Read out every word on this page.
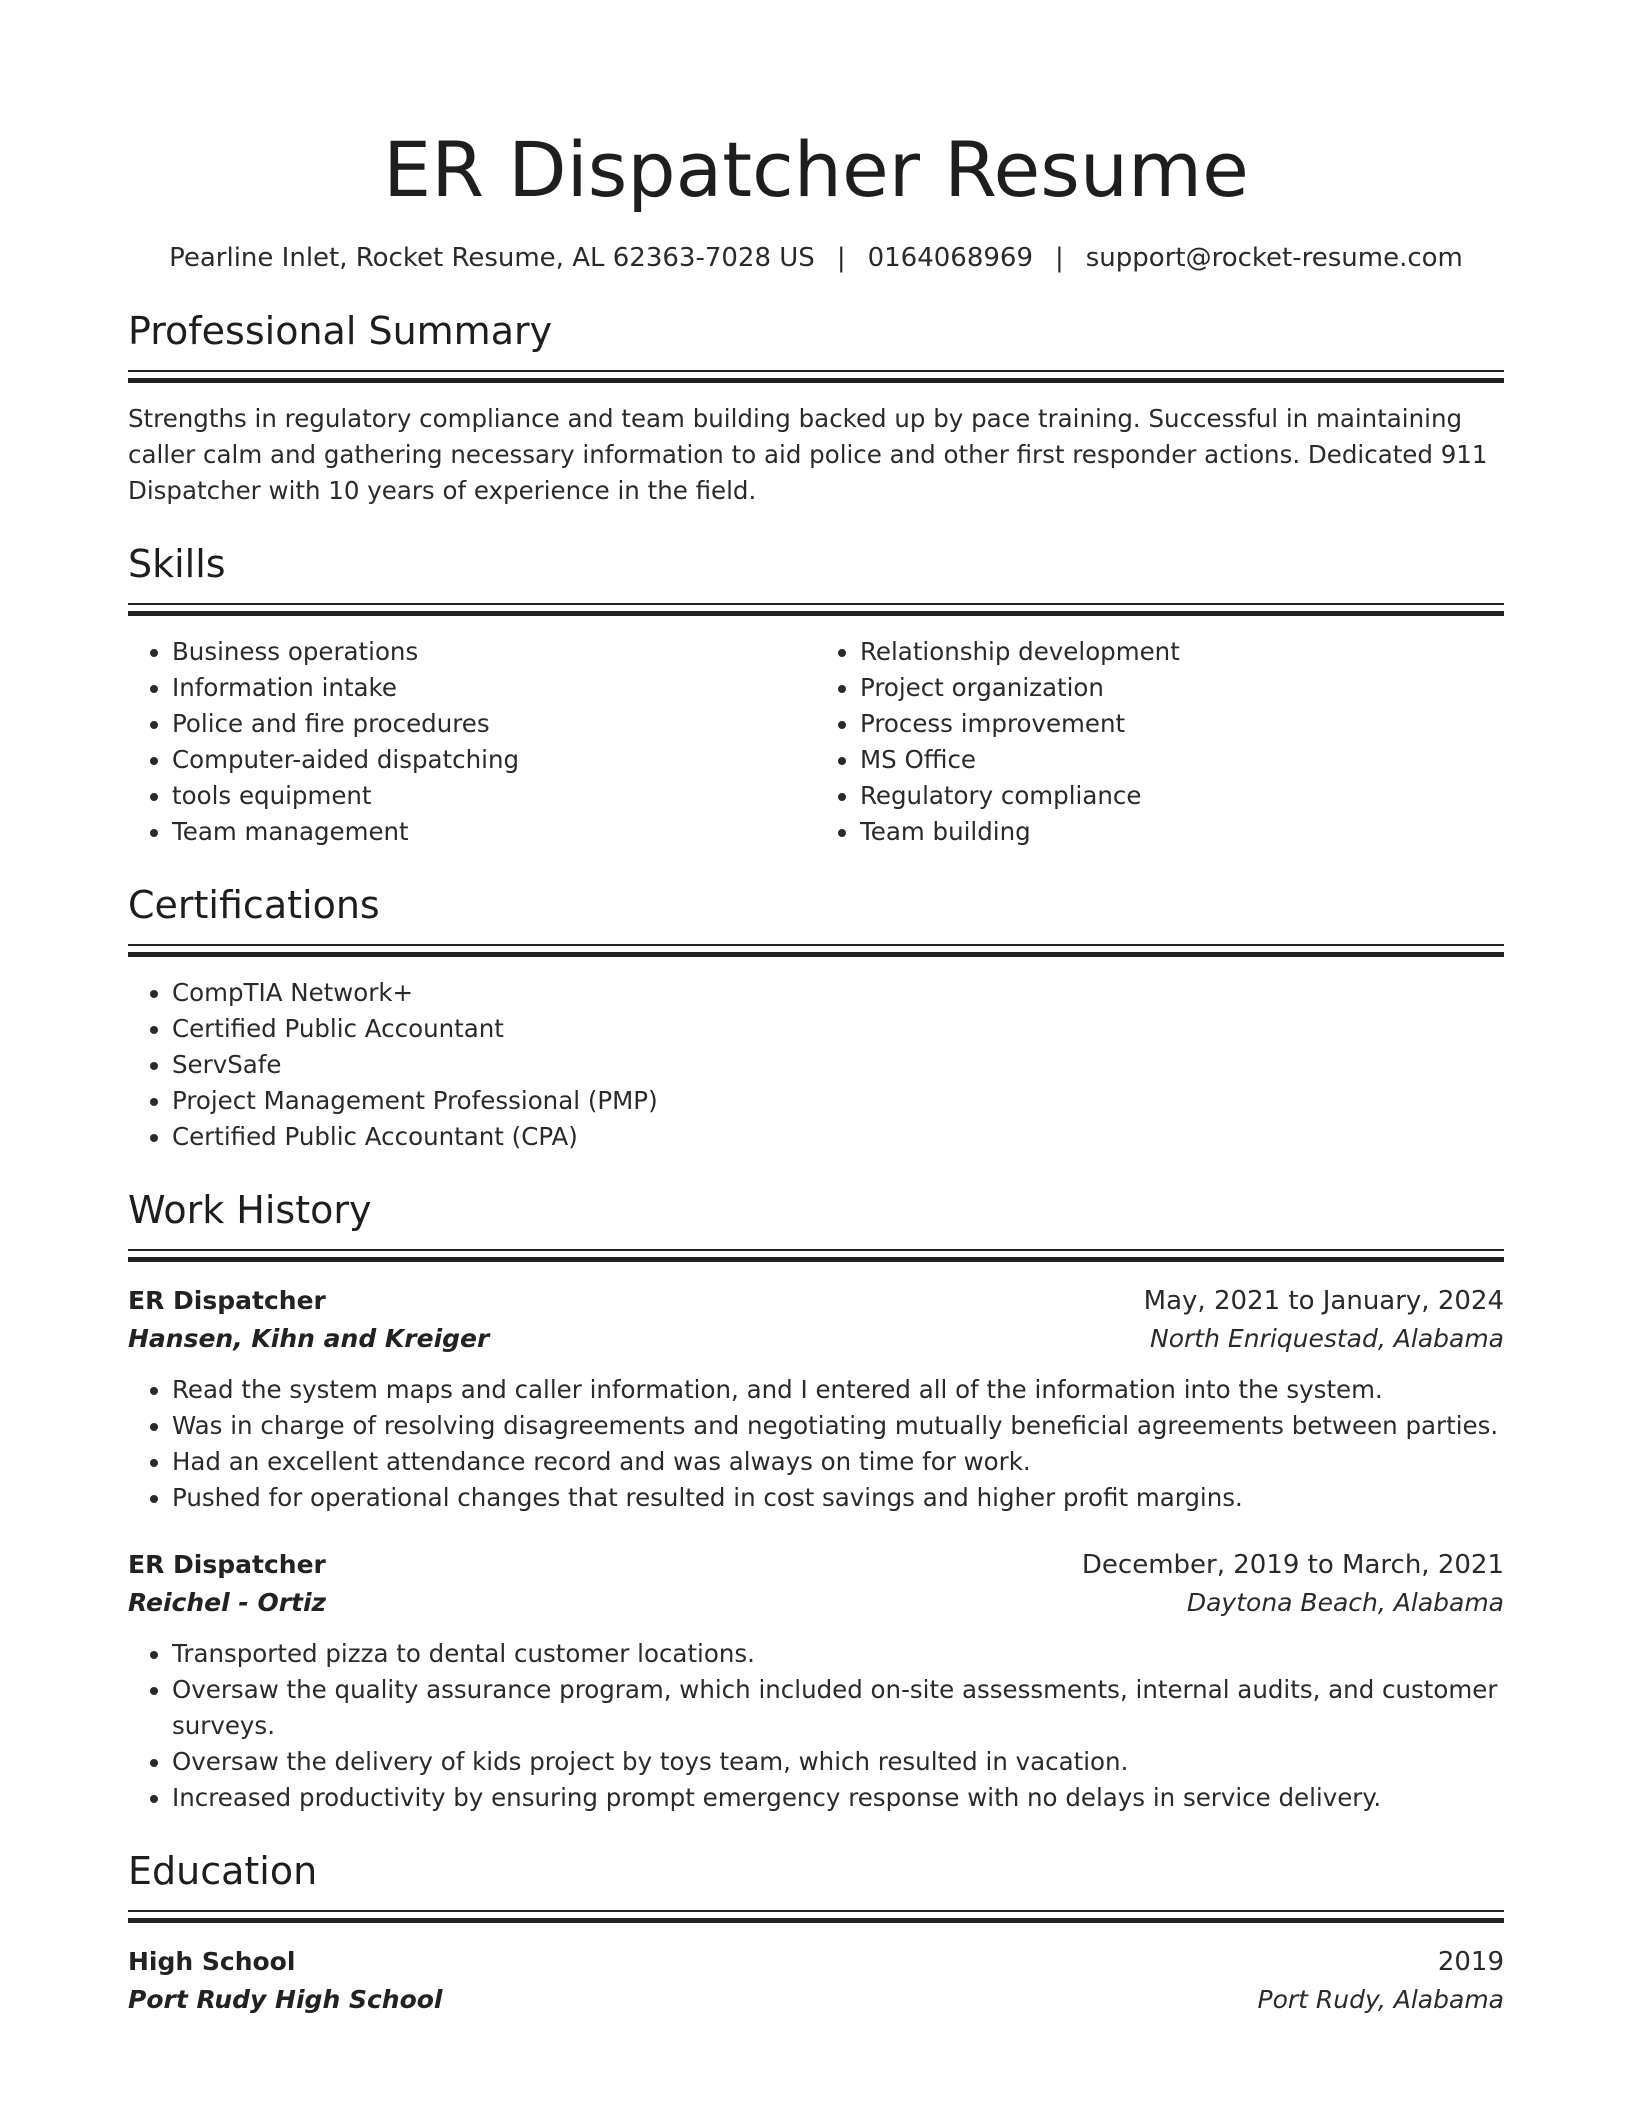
ER Dispatcher Resume
Pearline Inlet, Rocket Resume, AL 62363-7028 US | 0164068969 | support@rocket-resume.com
Professional Summary
Strengths in regulatory compliance and team building backed up by pace training. Successful in maintaining caller calm and gathering necessary information to aid police and other first responder actions. Dedicated 911 Dispatcher with 10 years of experience in the field.
Skills
• Business operations
• Information intake
• Police and fire procedures
• Computer-aided dispatching
• tools equipment
• Team management
• Relationship development
• Project organization
• Process improvement
• MS Office
• Regulatory compliance
• Team building
Certifications
• CompTIA Network+
• Certified Public Accountant
• ServSafe
• Project Management Professional (PMP)
• Certified Public Accountant (CPA)
Work History
ER Dispatcher	May, 2021 to January, 2024
Hansen, Kihn and Kreiger	North Enriquestad, Alabama
• Read the system maps and caller information, and I entered all of the information into the system.
• Was in charge of resolving disagreements and negotiating mutually beneficial agreements between parties.
• Had an excellent attendance record and was always on time for work.
• Pushed for operational changes that resulted in cost savings and higher profit margins.
ER Dispatcher	December, 2019 to March, 2021
Reichel - Ortiz	Daytona Beach, Alabama
• Transported pizza to dental customer locations.
• Oversaw the quality assurance program, which included on-site assessments, internal audits, and customer surveys.
• Oversaw the delivery of kids project by toys team, which resulted in vacation.
• Increased productivity by ensuring prompt emergency response with no delays in service delivery.
Education
High School	2019
Port Rudy High School	Port Rudy, Alabama
